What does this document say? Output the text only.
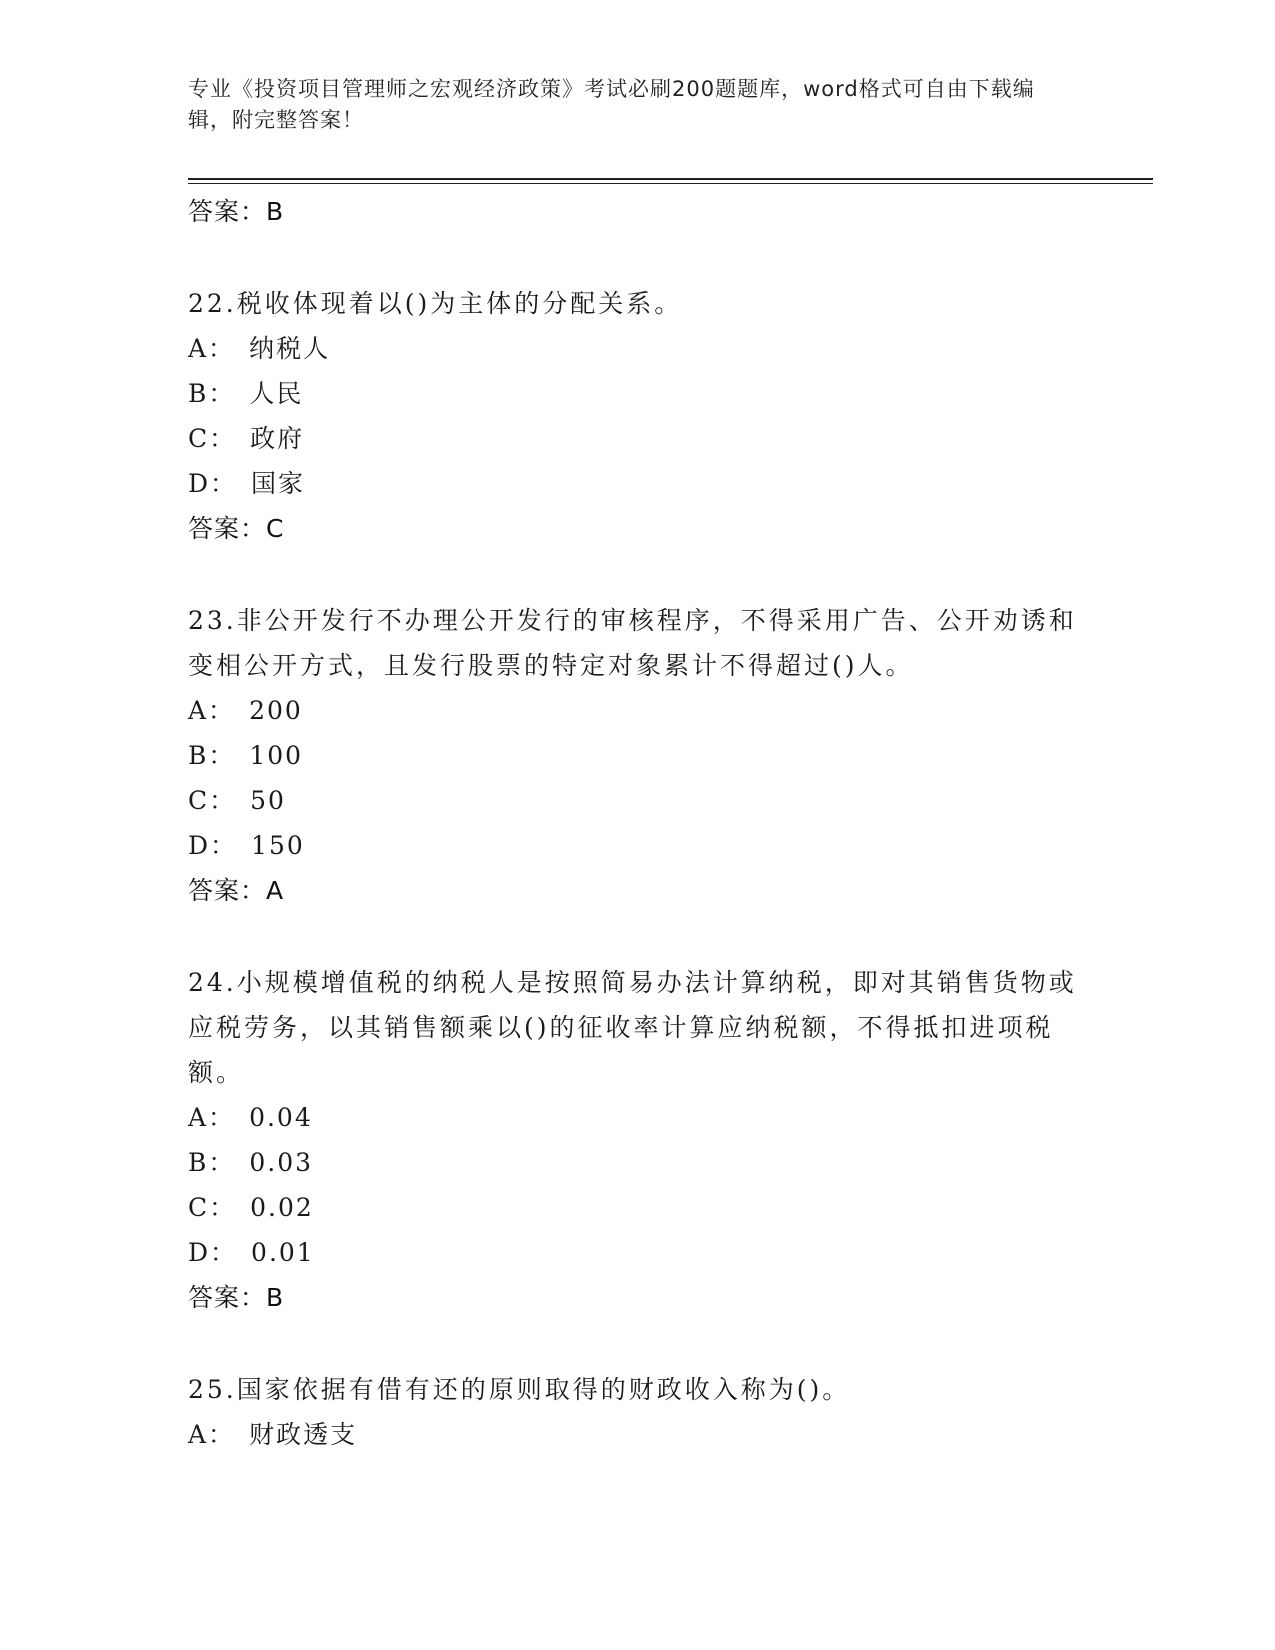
专业《投资项目管理师之宏观经济政策》考试必刷200题题库，word格式可自由下载编辑，附完整答案！
答案：B
22.税收体现着以()为主体的分配关系。
A： 纳税人
B： 人民
C： 政府
D： 国家
答案：C
23.非公开发行不办理公开发行的审核程序，不得采用广告、公开劝诱和变相公开方式，且发行股票的特定对象累计不得超过()人。
A： 200
B： 100
C： 50
D： 150
答案：A
24.小规模增值税的纳税人是按照简易办法计算纳税，即对其销售货物或应税劳务，以其销售额乘以()的征收率计算应纳税额，不得抵扣进项税额。
A： 0.04
B： 0.03
C： 0.02
D： 0.01
答案：B
25.国家依据有借有还的原则取得的财政收入称为()。
A： 财政透支
